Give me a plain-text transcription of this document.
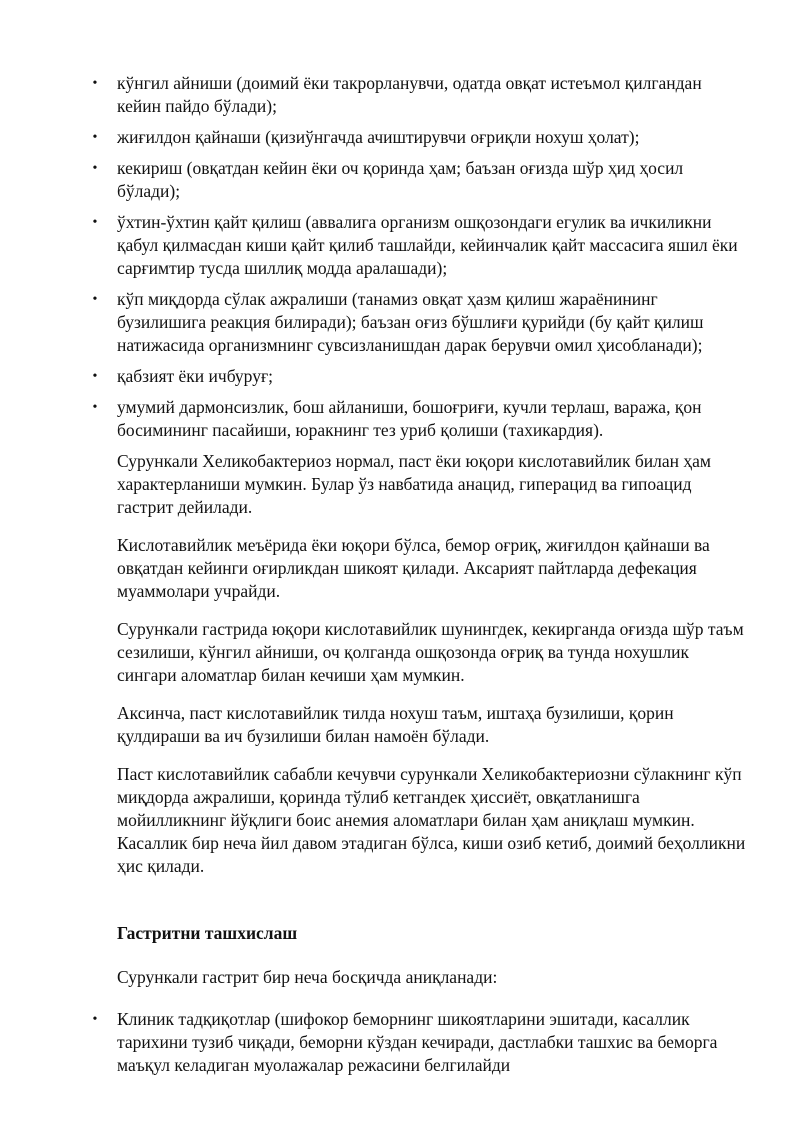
• кўнгил айниши (доимий ёки такрорланувчи, одатда овқат истеъмол қилгандан кейин пайдо бўлади);
• жиғилдон қайнаши (қизиўнгачда ачиштирувчи оғриқли нохуш ҳолат);
• кекириш (овқатдан кейин ёки оч қоринда ҳам; баъзан оғизда шўр ҳид ҳосил бўлади);
• ўхтин-ўхтин қайт қилиш (аввалига организм ошқозондаги егулик ва ичкиликни қабул қилмасдан киши қайт қилиб ташлайди, кейинчалик қайт массасига яшил ёки сарғимтир тусда шиллиқ модда аралашади);
• кўп миқдорда сўлак ажралиши (танамиз овқат ҳазм қилиш жараёнининг бузилишига реакция билиради); баъзан оғиз бўшлиғи қурийди (бу қайт қилиш натижасида организмнинг сувсизланишдан дарак берувчи омил ҳисобланади);
• қабзият ёки ичбуруғ;
• умумий дармонсизлик, бош айланиши, бошоғриғи, кучли терлаш, ваража, қон босимининг пасайиши, юракнинг тез уриб қолиши (тахикардия).

Сурункали Хеликобактериоз нормал, паст ёки юқори кислотавийлик билан ҳам характерланиши мумкин. Булар ўз навбатида анацид, гиперацид ва гипоацид гастрит дейилади.

Кислотавийлик меъёрида ёки юқори бўлса, бемор оғриқ, жиғилдон қайнаши ва овқатдан кейинги оғирликдан шикоят қилади. Аксарият пайтларда дефекация муаммолари учрайди.

Сурункали гастрида юқори кислотавийлик шунингдек, кекирганда оғизда шўр таъм сезилиши, кўнгил айниши, оч қолганда ошқозонда оғриқ ва тунда нохушлик сингари аломатлар билан кечиши ҳам мумкин.

Аксинча, паст кислотавийлик тилда нохуш таъм, иштаҳа бузилиши, қорин қулдираши ва ич бузилиши билан намоён бўлади.

Паст кислотавийлик сабабли кечувчи сурункали Хеликобактериозни сўлакнинг кўп миқдорда ажралиши, қоринда тўлиб кетгандек ҳиссиёт, овқатланишга мойилликнинг йўқлиги боис анемия аломатлари билан ҳам аниқлаш мумкин. Касаллик бир неча йил давом этадиган бўлса, киши озиб кетиб, доимий беҳолликни ҳис қилади.

Гастритни ташхислаш

Сурункали гастрит бир неча босқичда аниқланади:

• Клиник тадқиқотлар (шифокор беморнинг шикоятларини эшитади, касаллик тарихини тузиб чиқади, беморни кўздан кечиради, дастлабки ташхис ва беморга маъқул келадиган муолажалар режасини белгилайди
